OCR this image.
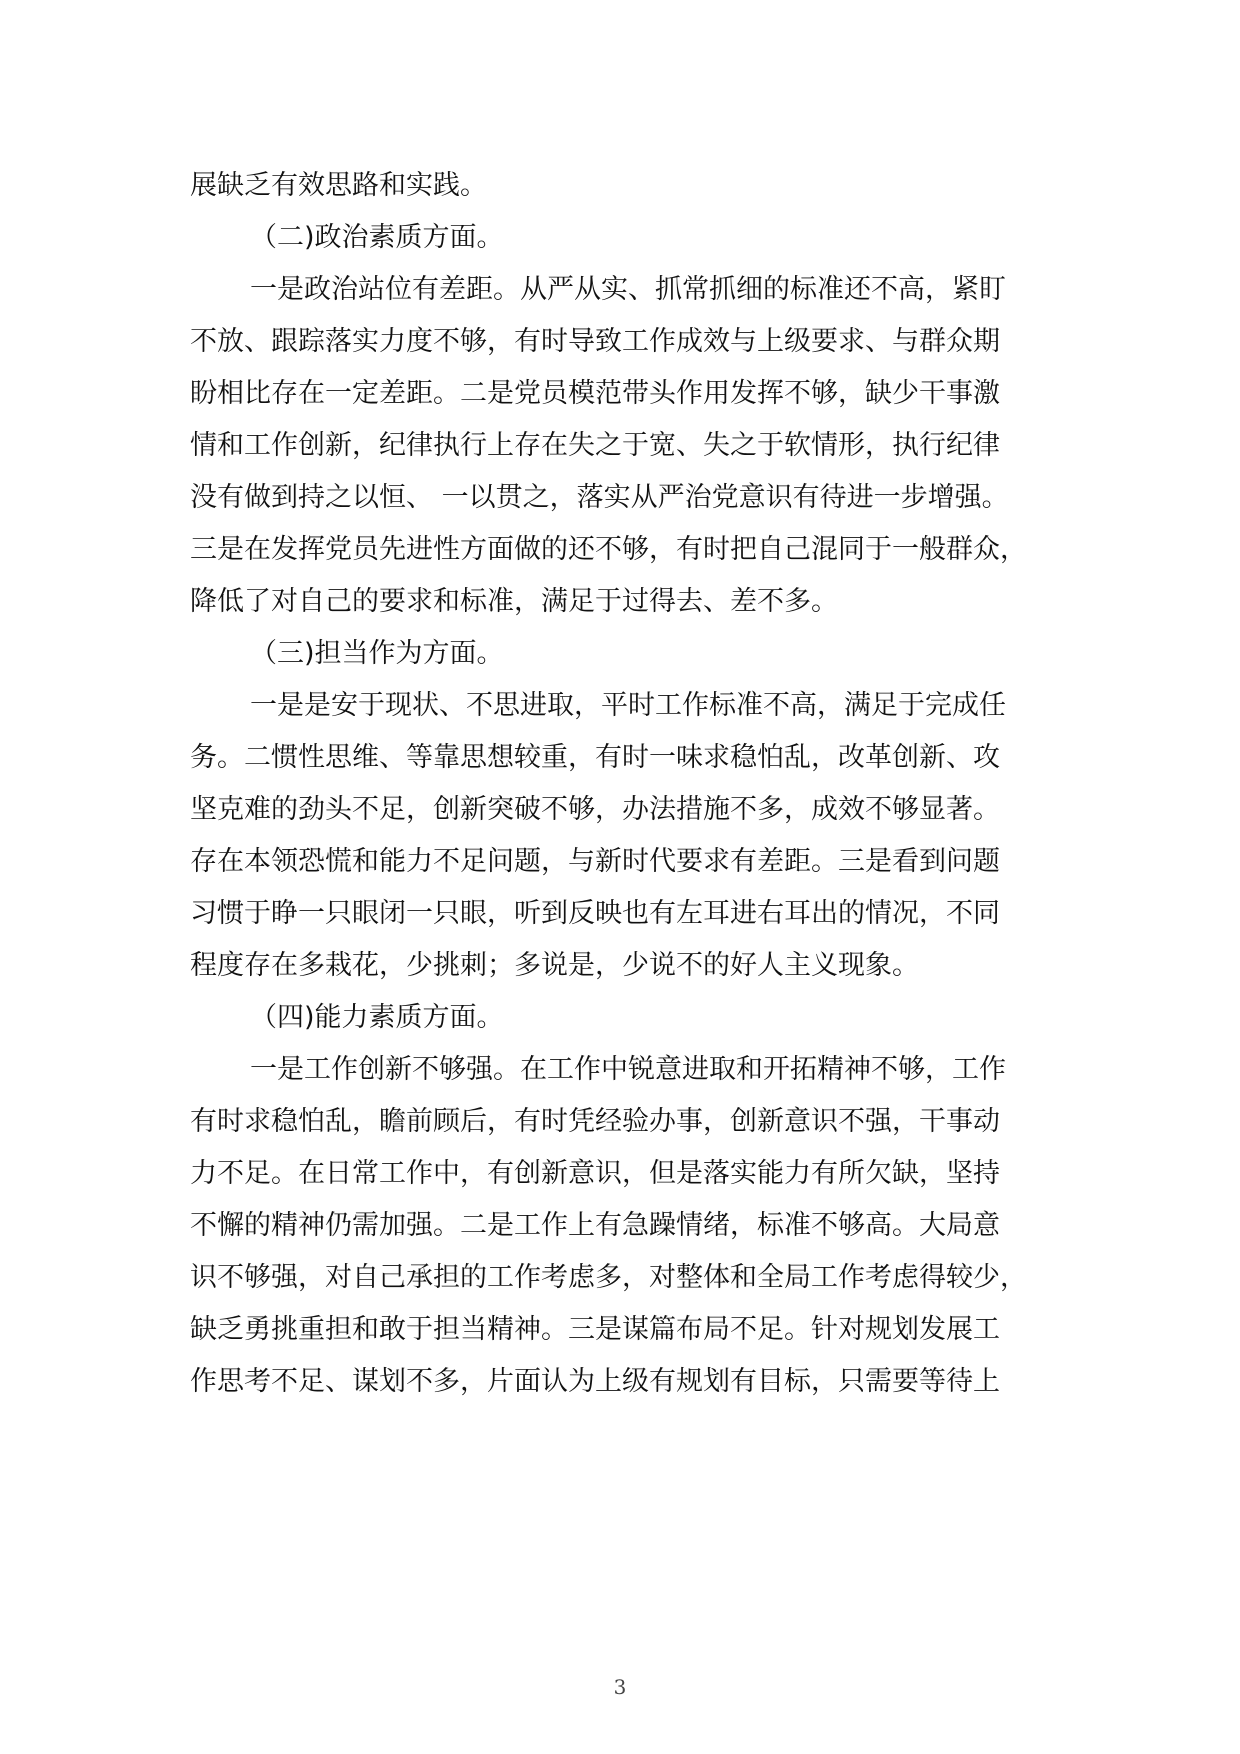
展缺乏有效思路和实践。

（二)政治素质方面。

一是政治站位有差距。从严从实、抓常抓细的标准还不高，紧盯

不放、跟踪落实力度不够，有时导致工作成效与上级要求、与群众期

盼相比存在一定差距。二是党员模范带头作用发挥不够，缺少干事激

情和工作创新，纪律执行上存在失之于宽、失之于软情形，执行纪律

没有做到持之以恒、 一以贯之，落实从严治党意识有待进一步增强。

三是在发挥党员先进性方面做的还不够，有时把自己混同于一般群众，

降低了对自己的要求和标准，满足于过得去、差不多。

（三)担当作为方面。

一是是安于现状、不思进取，平时工作标准不高，满足于完成任

务。二惯性思维、等靠思想较重，有时一味求稳怕乱，改革创新、攻

坚克难的劲头不足，创新突破不够，办法措施不多，成效不够显著。

存在本领恐慌和能力不足问题，与新时代要求有差距。三是看到问题

习惯于睁一只眼闭一只眼，听到反映也有左耳进右耳出的情况，不同

程度存在多栽花，少挑刺；多说是，少说不的好人主义现象。

（四)能力素质方面。

一是工作创新不够强。在工作中锐意进取和开拓精神不够，工作

有时求稳怕乱，瞻前顾后，有时凭经验办事，创新意识不强，干事动

力不足。在日常工作中，有创新意识，但是落实能力有所欠缺，坚持

不懈的精神仍需加强。二是工作上有急躁情绪，标准不够高。大局意

识不够强，对自己承担的工作考虑多，对整体和全局工作考虑得较少，

缺乏勇挑重担和敢于担当精神。三是谋篇布局不足。针对规划发展工

作思考不足、谋划不多，片面认为上级有规划有目标，只需要等待上

3
